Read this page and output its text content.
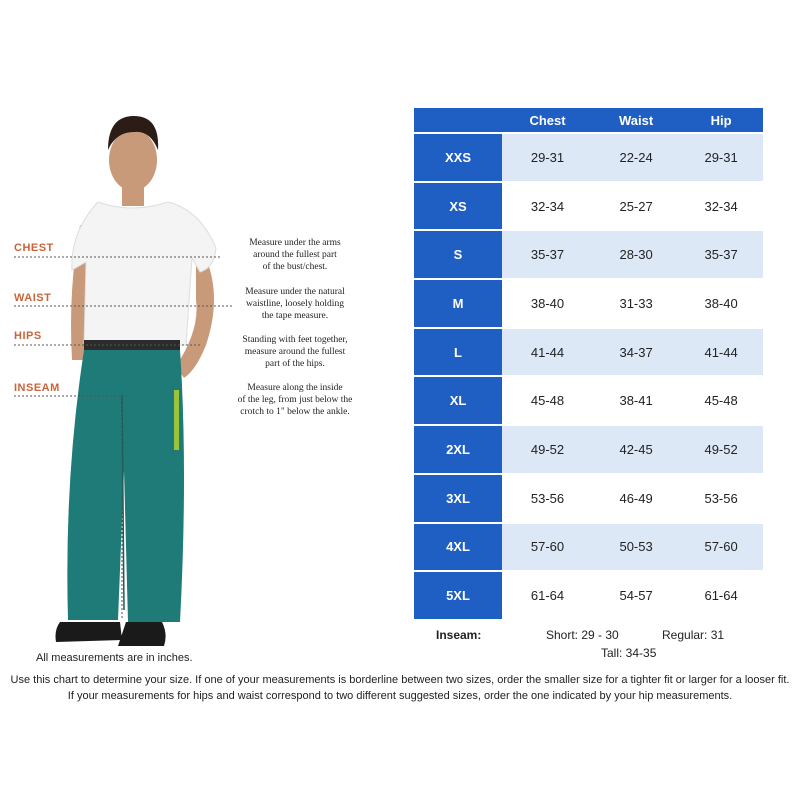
CHEST
WAIST
HIPS
INSEAM
Measure under the arms
around the fullest part
of the bust/chest.
Measure under the natural
waistline, loosely holding
the tape measure.
Standing with feet together,
measure around the fullest
part of the hips.
Measure along the inside
of the leg, from just below the
crotch to 1" below the ankle.
All measurements are in inches.
	Chest	Waist	Hip
XXS	29-31	22-24	29-31
XS	32-34	25-27	32-34
S	35-37	28-30	35-37
M	38-40	31-33	38-40
L	41-44	34-37	41-44
XL	45-48	38-41	45-48
2XL	49-52	42-45	49-52
3XL	53-56	46-49	53-56
4XL	57-60	50-53	57-60
5XL	61-64	54-57	61-64
Inseam:	Short: 29 - 30	Regular: 31
Tall: 34-35
Use this chart to determine your size. If one of your measurements is borderline between two sizes, order the smaller size for a tighter fit or larger for a looser fit.
If your measurements for hips and waist correspond to two different suggested sizes, order the one indicated by your hip measurements.
